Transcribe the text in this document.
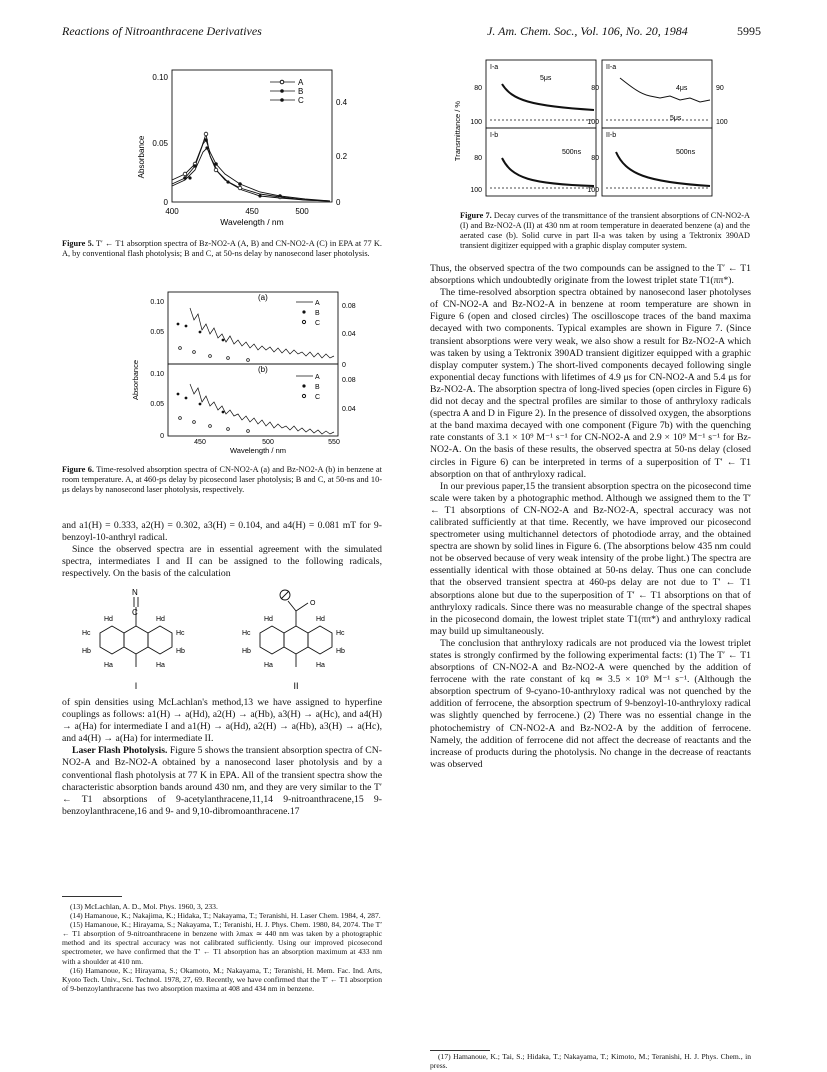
Reactions of Nitroanthracene Derivatives	J. Am. Chem. Soc., Vol. 106, No. 20, 1984	5995
Absorbance
0.10
0.05
0
0.4
0.2
0
400	450	500
Wavelength / nm
A
B
C
Figure 5. T′ ← T1 absorption spectra of Bz-NO2-A (A, B) and CN-NO2-A (C) in EPA at 77 K. A, by conventional flash photolysis; B and C, at 50-ns delay by nanosecond laser photolysis.
Absorbance
(a)
(b)
0.10
0.05
0.10
0.05
0
0.08
0.04
0
0.08
0.04
450	500	550
Wavelength / nm
A
B
C
A
B
C
Figure 6. Time-resolved absorption spectra of CN-NO2-A (a) and Bz-NO2-A (b) in benzene at room temperature. A, at 460-ps delay by picosecond laser photolysis; B and C, at 50-ns and 10-μs delays by nanosecond laser photolysis, respectively.

and a1(H) = 0.333, a2(H) = 0.302, a3(H) = 0.104, and a4(H) = 0.081 mT for 9-benzoyl-10-anthryl radical.

Since the observed spectra are in essential agreement with the simulated spectra, intermediates I and II can be assigned to the following radicals, respectively. On the basis of the calculation

N
C
Hd	Hd
Hc	Hc
Hb	Hb
Ha	Ha
I
O
Hd	Hd
Hc	Hc
Hb	Hb
Ha	Ha
II

of spin densities using McLachlan's method,13 we have assigned to hyperfine couplings as follows: a1(H) → a(Hd), a2(H) → a(Hb), a3(H) → a(Hc), and a4(H) → a(Ha) for intermediate I and a1(H) → a(Hd), a2(H) → a(Hb), a3(H) → a(Hc), and a4(H) → a(Ha) for intermediate II.

Laser Flash Photolysis. Figure 5 shows the transient absorption spectra of CN-NO2-A and Bz-NO2-A obtained by a nanosecond laser photolysis and by a conventional flash photolysis at 77 K in EPA. All of the transient spectra show the characteristic absorption bands around 430 nm, and they are very similar to the T′ ← T1 absorptions of 9-acetylanthracene,11,14 9-nitroanthracene,15 9-benzoylanthracene,16 and 9- and 9,10-dibromoanthracene.17

(13) McLachlan, A. D., Mol. Phys. 1960, 3, 233.

(14) Hamanoue, K.; Nakajima, K.; Hidaka, T.; Nakayama, T.; Teranishi, H. Laser Chem. 1984, 4, 287.

(15) Hamanoue, K.; Hirayama, S.; Nakayama, T.; Teranishi, H. J. Phys. Chem. 1980, 84, 2074. The T′ ← T1 absorption of 9-nitroanthracene in benzene with λmax ≃ 440 nm was taken by a photographic method and its spectral accuracy was not calibrated sufficiently. Using our improved picosecond spectrometer, we have confirmed that the T′ ← T1 absorption has an absorption maximum at 433 nm with a shoulder at 410 nm.

(16) Hamanoue, K.; Hirayama, S.; Okamoto, M.; Nakayama, T.; Teranishi, H. Mem. Fac. Ind. Arts, Kyoto Tech. Univ., Sci. Technol. 1978, 27, 69. Recently, we have confirmed that the T′ ← T1 absorption of 9-benzoylanthracene has two absorption maxima at 408 and 434 nm in benzene.

Transmittance / %
I-a	II-a
I-b	II-b
80
100
80
100
80
100
80
100
90
100
5μs
4μs
5μs
500ns	500ns
Figure 7. Decay curves of the transmittance of the transient absorptions of CN-NO2-A (I) and Bz-NO2-A (II) at 430 nm at room temperature in deaerated benzene (a) and the aerated case (b). Solid curve in part II-a was taken by using a Tektronix 390AD transient digitizer equipped with a graphic display computer system.

Thus, the observed spectra of the two compounds can be assigned to the T′ ← T1 absorptions which undoubtedly originate from the lowest triplet state T1(ππ*).

The time-resolved absorption spectra obtained by nanosecond laser photolyses of CN-NO2-A and Bz-NO2-A in benzene at room temperature are shown in Figure 6 (open and closed circles) The oscilloscope traces of the band maxima decayed with two components. Typical examples are shown in Figure 7. (Since transient absorptions were very weak, we also show a result for Bz-NO2-A which was taken by using a Tektronix 390AD transient digitizer equipped with a graphic display computer system.) The short-lived components decayed following single exponential decay functions with lifetimes of 4.9 μs for CN-NO2-A and 5.4 μs for Bz-NO2-A. The absorption spectra of long-lived species (open circles in Figure 6) did not decay and the spectral profiles are similar to those of anthryloxy radicals (spectra A and D in Figure 2). In the presence of dissolved oxygen, the absorptions at the band maxima decayed with one component (Figure 7b) with the quenching rate constants of 3.1 × 10⁹ M⁻¹ s⁻¹ for CN-NO2-A and 2.9 × 10⁹ M⁻¹ s⁻¹ for Bz-NO2-A. On the basis of these results, the observed spectra at 50-ns delay (closed circles in Figure 6) can be interpreted in terms of a superposition of T′ ← T1 absorption on that of anthryloxy radical.

In our previous paper,15 the transient absorption spectra on the picosecond time scale were taken by a photographic method. Although we assigned them to the T′ ← T1 absorptions of CN-NO2-A and Bz-NO2-A, spectral accuracy was not calibrated sufficiently at that time. Recently, we have improved our picosecond spectrometer using multichannel detectors of photodiode array, and the obtained spectra are shown by solid lines in Figure 6. (The absorptions below 435 nm could not be observed because of very weak intensity of the probe light.) The spectra are essentially identical with those obtained at 50-ns delay. Thus one can conclude that the observed transient spectra at 460-ps delay are not due to T′ ← T1 absorptions alone but due to the superposition of T′ ← T1 absorptions on that of anthryloxy radicals. Since there was no measurable change of the spectral shapes in the picosecond domain, the lowest triplet state T1(ππ*) and anthryloxy radical may build up simultaneously.

The conclusion that anthryloxy radicals are not produced via the lowest triplet states is strongly confirmed by the following experimental facts: (1) The T′ ← T1 absorptions of CN-NO2-A and Bz-NO2-A were quenched by the addition of ferrocene with the rate constant of kq ≃ 3.5 × 10⁹ M⁻¹ s⁻¹. (Although the absorption spectrum of 9-cyano-10-anthryloxy radical was not quenched by the addition of ferrocene, the absorption spectrum of 9-benzoyl-10-anthryloxy radical was slightly quenched by ferrocene.) (2) There was no essential change in the photochemistry of CN-NO2-A and Bz-NO2-A by the addition of ferrocene. Namely, the addition of ferrocene did not affect the decrease of reactants and the increase of products during the photolysis. No change in the decrease of reactants was observed

(17) Hamanoue, K.; Tai, S.; Hidaka, T.; Nakayama, T.; Kimoto, M.; Teranishi, H. J. Phys. Chem., in press.
